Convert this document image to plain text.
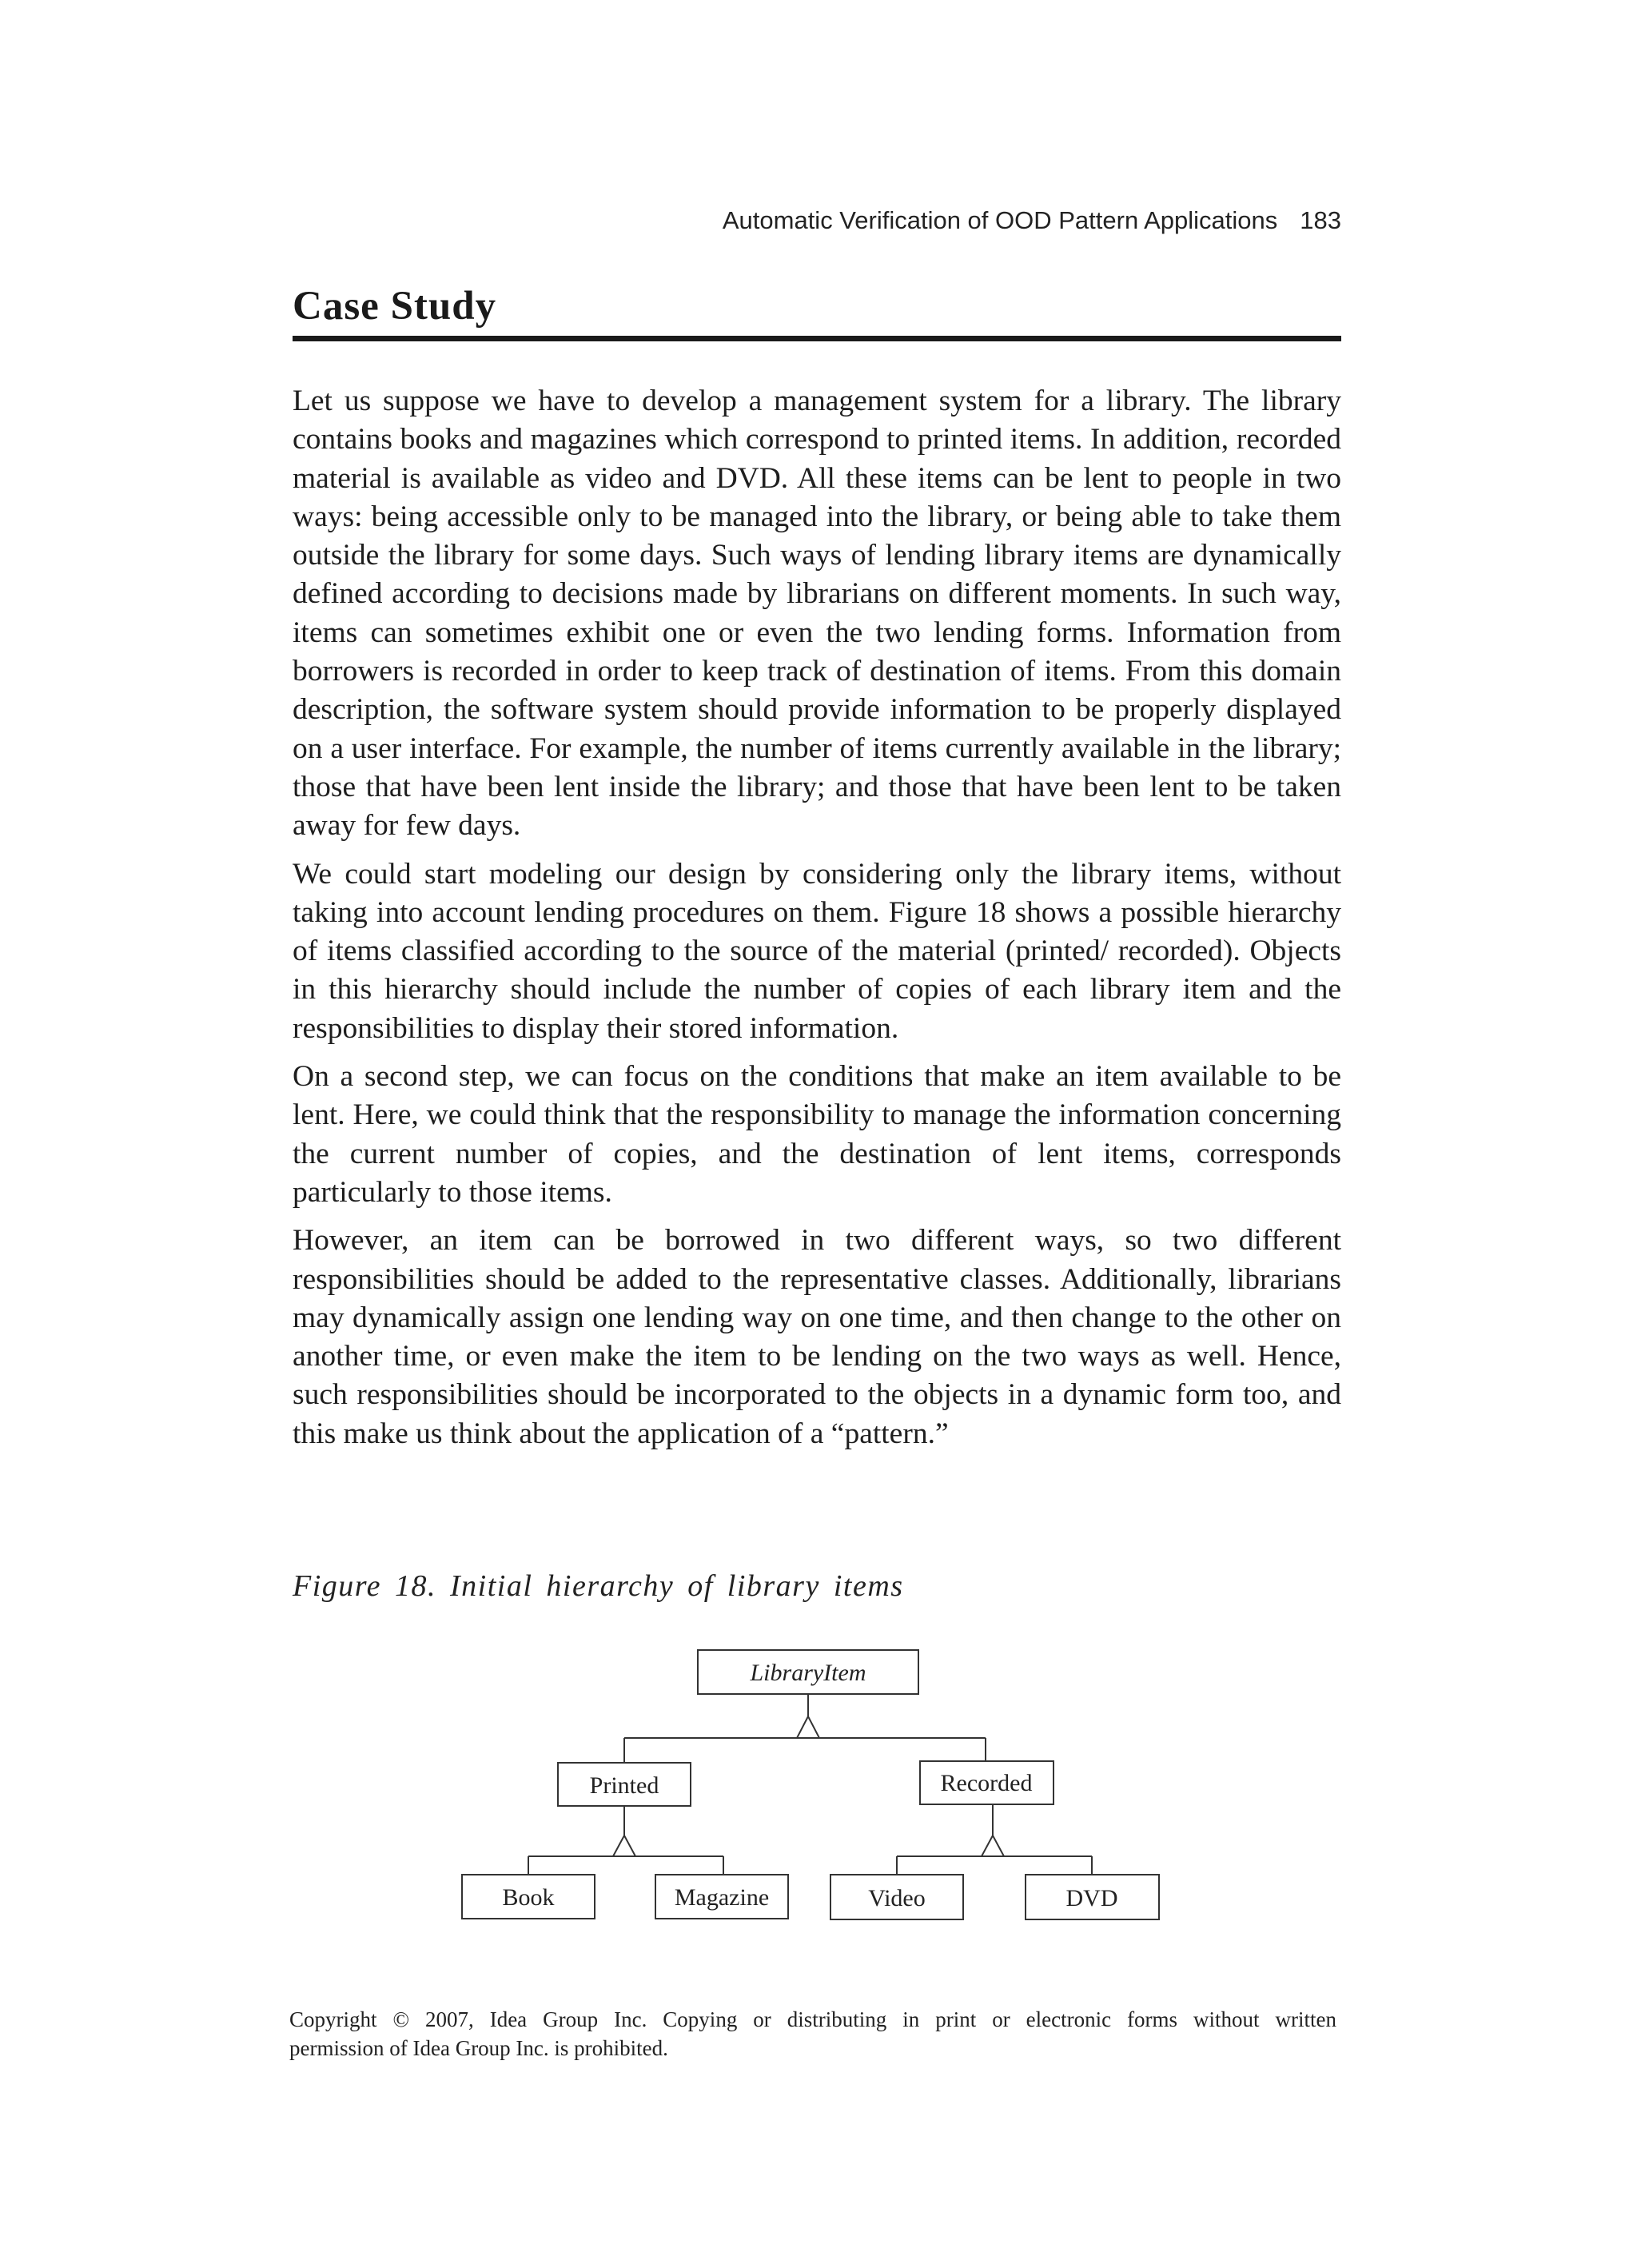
Automatic Verification of OOD Pattern Applications 183
Case Study

Let us suppose we have to develop a management system for a library. The library contains books and magazines which correspond to printed items. In addition, recorded material is available as video and DVD. All these items can be lent to people in two ways: being accessible only to be managed into the library, or being able to take them outside the library for some days. Such ways of lending library items are dynamically defined according to decisions made by librarians on different moments. In such way, items can sometimes exhibit one or even the two lending forms. Information from borrowers is recorded in order to keep track of destination of items. From this domain description, the software system should provide information to be properly displayed on a user interface. For example, the number of items currently available in the library; those that have been lent inside the library; and those that have been lent to be taken away for few days.

We could start modeling our design by considering only the library items, without taking into account lending procedures on them. Figure 18 shows a possible hierarchy of items classified according to the source of the material (printed/ recorded). Objects in this hierarchy should include the number of copies of each library item and the responsibilities to display their stored information.

On a second step, we can focus on the conditions that make an item available to be lent. Here, we could think that the responsibility to manage the information concerning the current number of copies, and the destination of lent items, corresponds particularly to those items.

However, an item can be borrowed in two different ways, so two different responsibilities should be added to the representative classes. Additionally, librarians may dynamically assign one lending way on one time, and then change to the other on another time, or even make the item to be lending on the two ways as well. Hence, such responsibilities should be incorporated to the objects in a dynamic form too, and this make us think about the application of a “pattern.”

Figure 18. Initial hierarchy of library items
LibraryItem
Printed	Recorded
Book	Magazine	Video	DVD
Copyright © 2007, Idea Group Inc. Copying or distributing in print or electronic forms without written
permission of Idea Group Inc. is prohibited.
